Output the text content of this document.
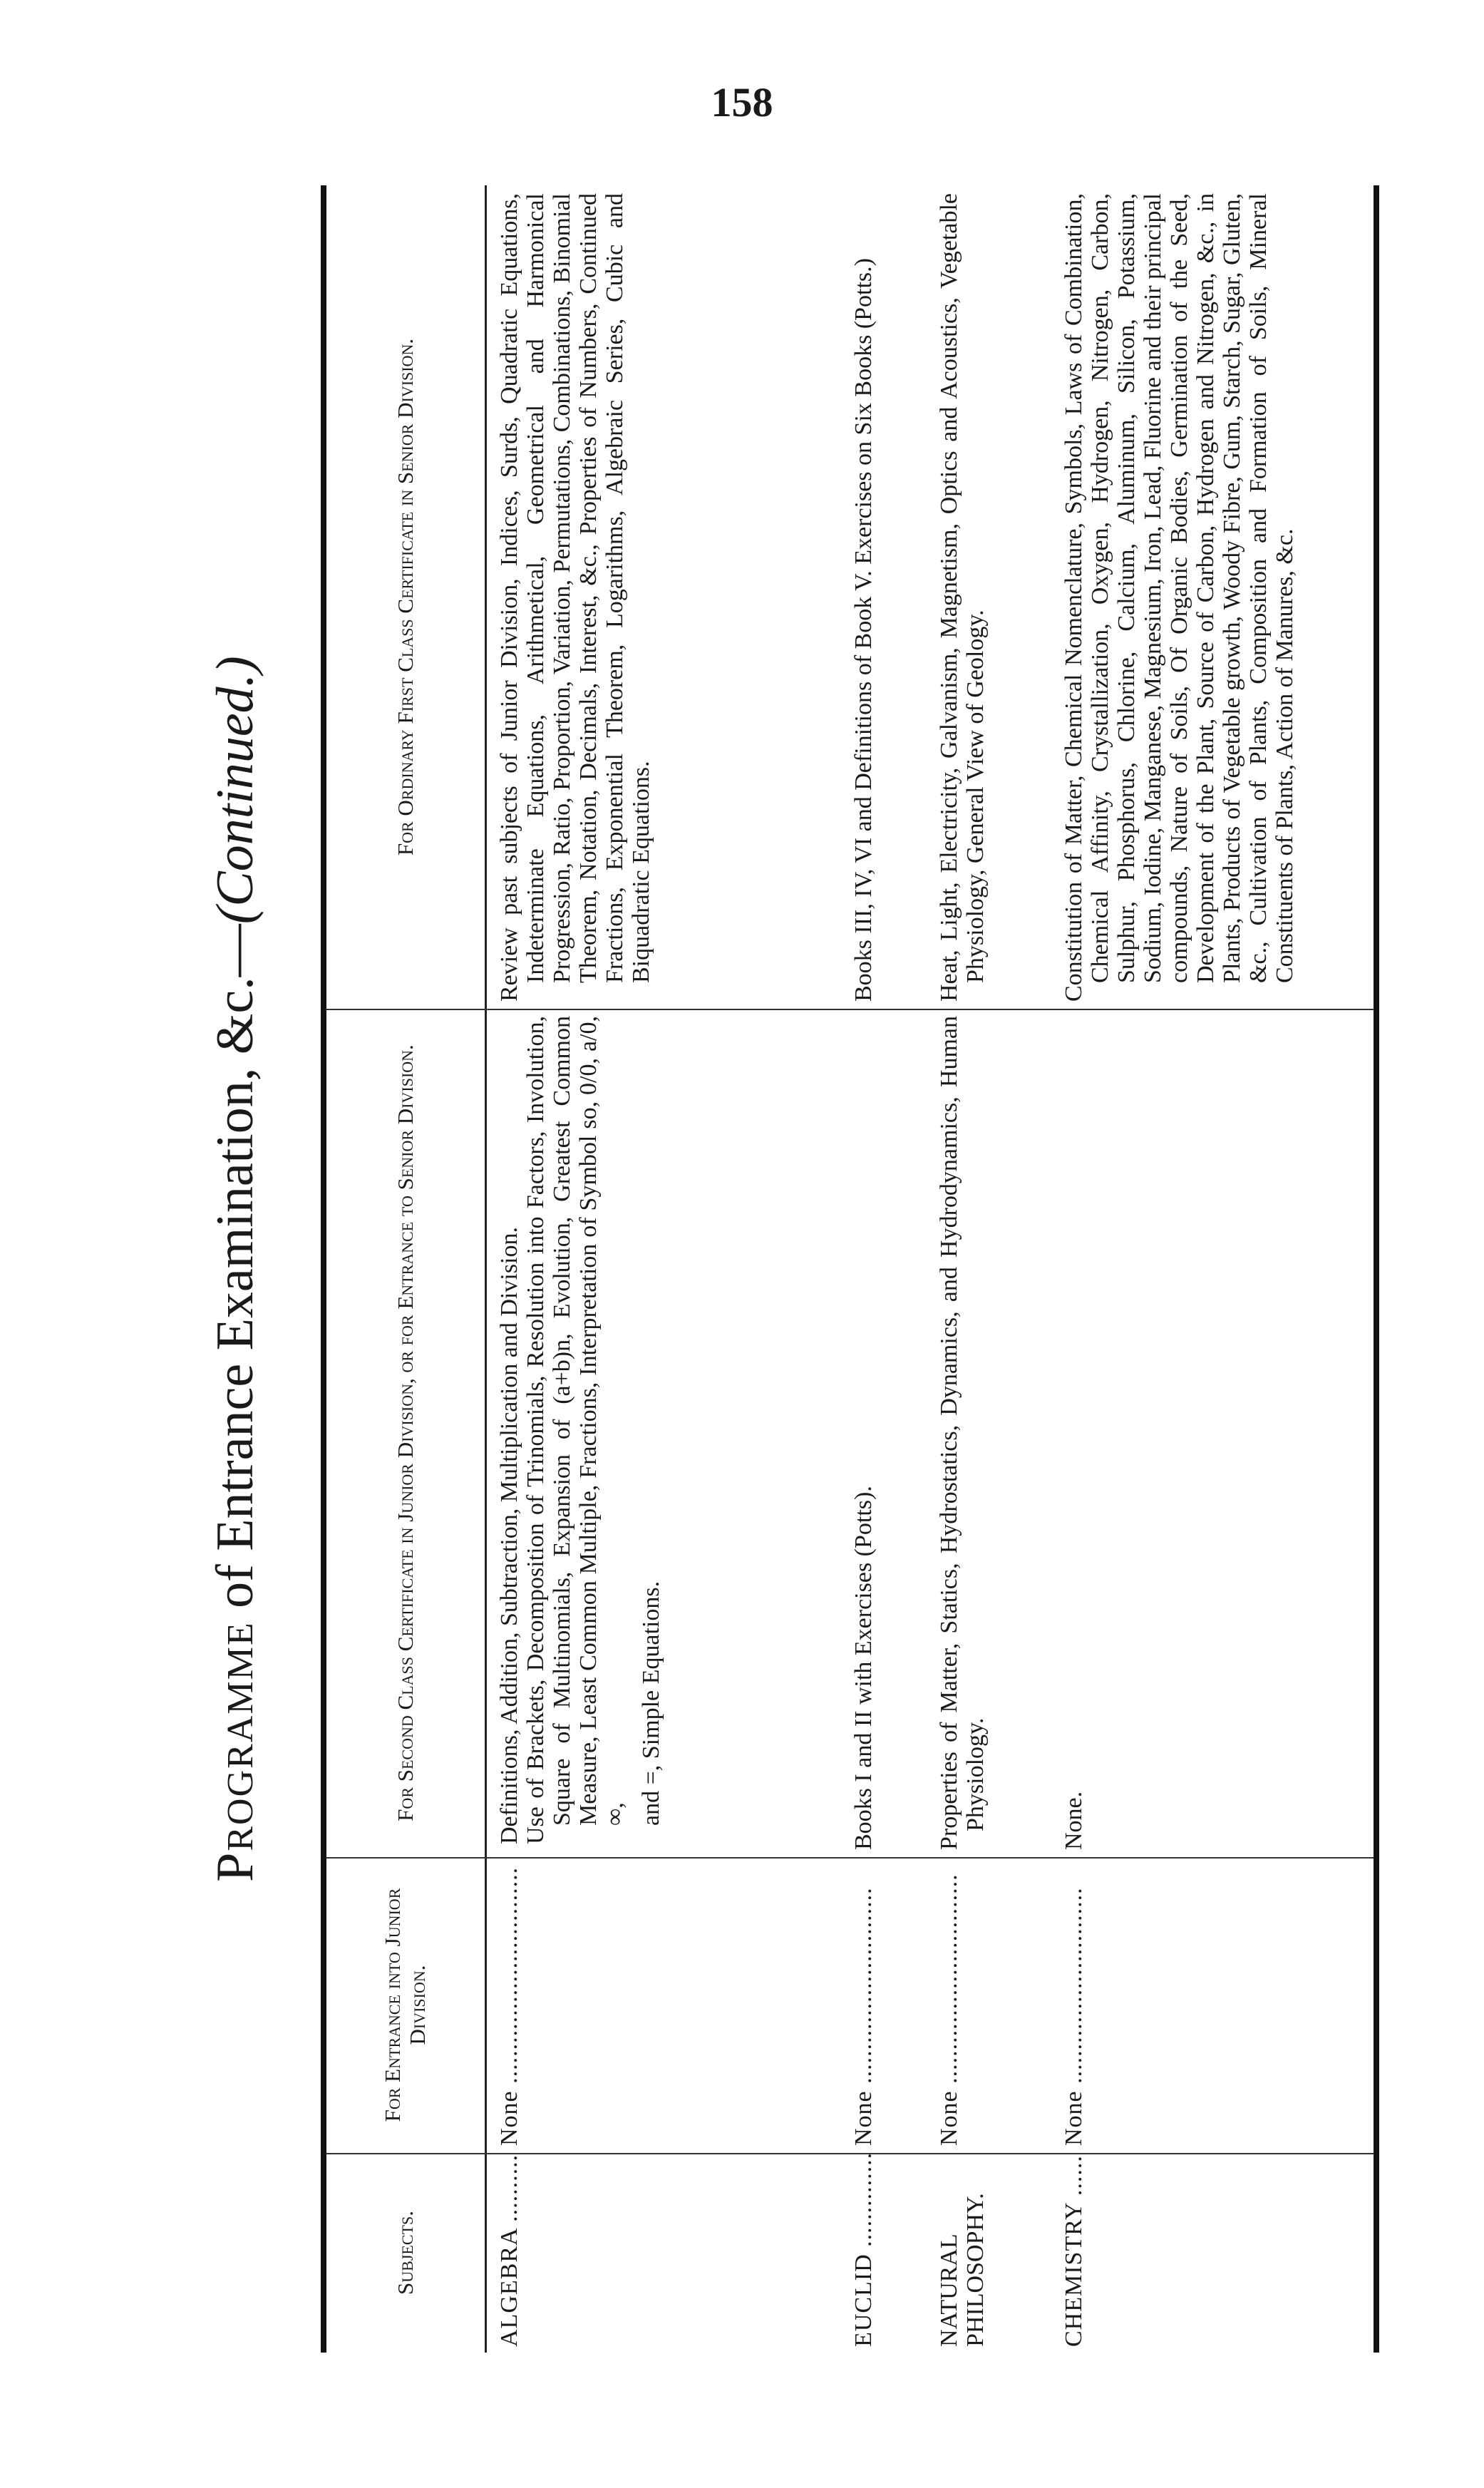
158
Programme of Entrance Examination, &c.—(Continued.)
Subjects.
For Entrance into Junior Division.
For Second Class Certificate in Junior Division, or for Entrance to Senior Division.
For Ordinary First Class Certificate in Senior Division.
ALGEBRA ..........
None ................................
Definitions, Addition, Subtraction, Multiplication and Division. Use of Brackets, Decomposition of Trinomials, Resolution into Factors, Involution, Square of Multinomials, Expansion of (a+b)n, Evolution, Greatest Common Measure, Least Common Multiple, Fractions, Interpretation of Symbol so, 0/0, a/0, ∞, and =, Simple Equations.
Review past subjects of Junior Division, Indices, Surds, Quadratic Equations, Indeterminate Equations, Arithmetical, Geometrical and Harmonical Progression, Ratio, Proportion, Variation, Permutations, Combinations, Binomial Theorem, Notation, Decimals, Interest, &c., Properties of Numbers, Continued Fractions, Exponential Theorem, Logarithms, Algebraic Series, Cubic and Biquadratic Equations.
EUCLID ..............
None .............................
Books I and II with Exercises (Potts).
Books III, IV, VI and Definitions of Book V. Exercises on Six Books (Potts.)
NATURAL PHILOSOPHY.
None ...............................
Properties of Matter, Statics, Hydrostatics, Dynamics, and Hydrodynamics, Human Physiology.
Heat, Light, Electricity, Galvanism, Magnetism, Optics and Acoustics, Vegetable Physiology, General View of Geology.
CHEMISTRY ......
None .............................
None.
Constitution of Matter, Chemical Nomenclature, Symbols, Laws of Combination, Chemical Affinity, Crystallization, Oxygen, Hydrogen, Nitrogen, Carbon, Sulphur, Phosphorus, Chlorine, Calcium, Aluminum, Silicon, Potassium, Sodium, Iodine, Manganese, Magnesium, Iron, Lead, Fluorine and their principal compounds, Nature of Soils, Of Organic Bodies, Germination of the Seed, Development of the Plant, Source of Carbon, Hydrogen and Nitrogen, &c., in Plants, Products of Vegetable growth, Woody Fibre, Gum, Starch, Sugar, Gluten, &c., Cultivation of Plants, Composition and Formation of Soils, Mineral Constituents of Plants, Action of Manures, &c.
